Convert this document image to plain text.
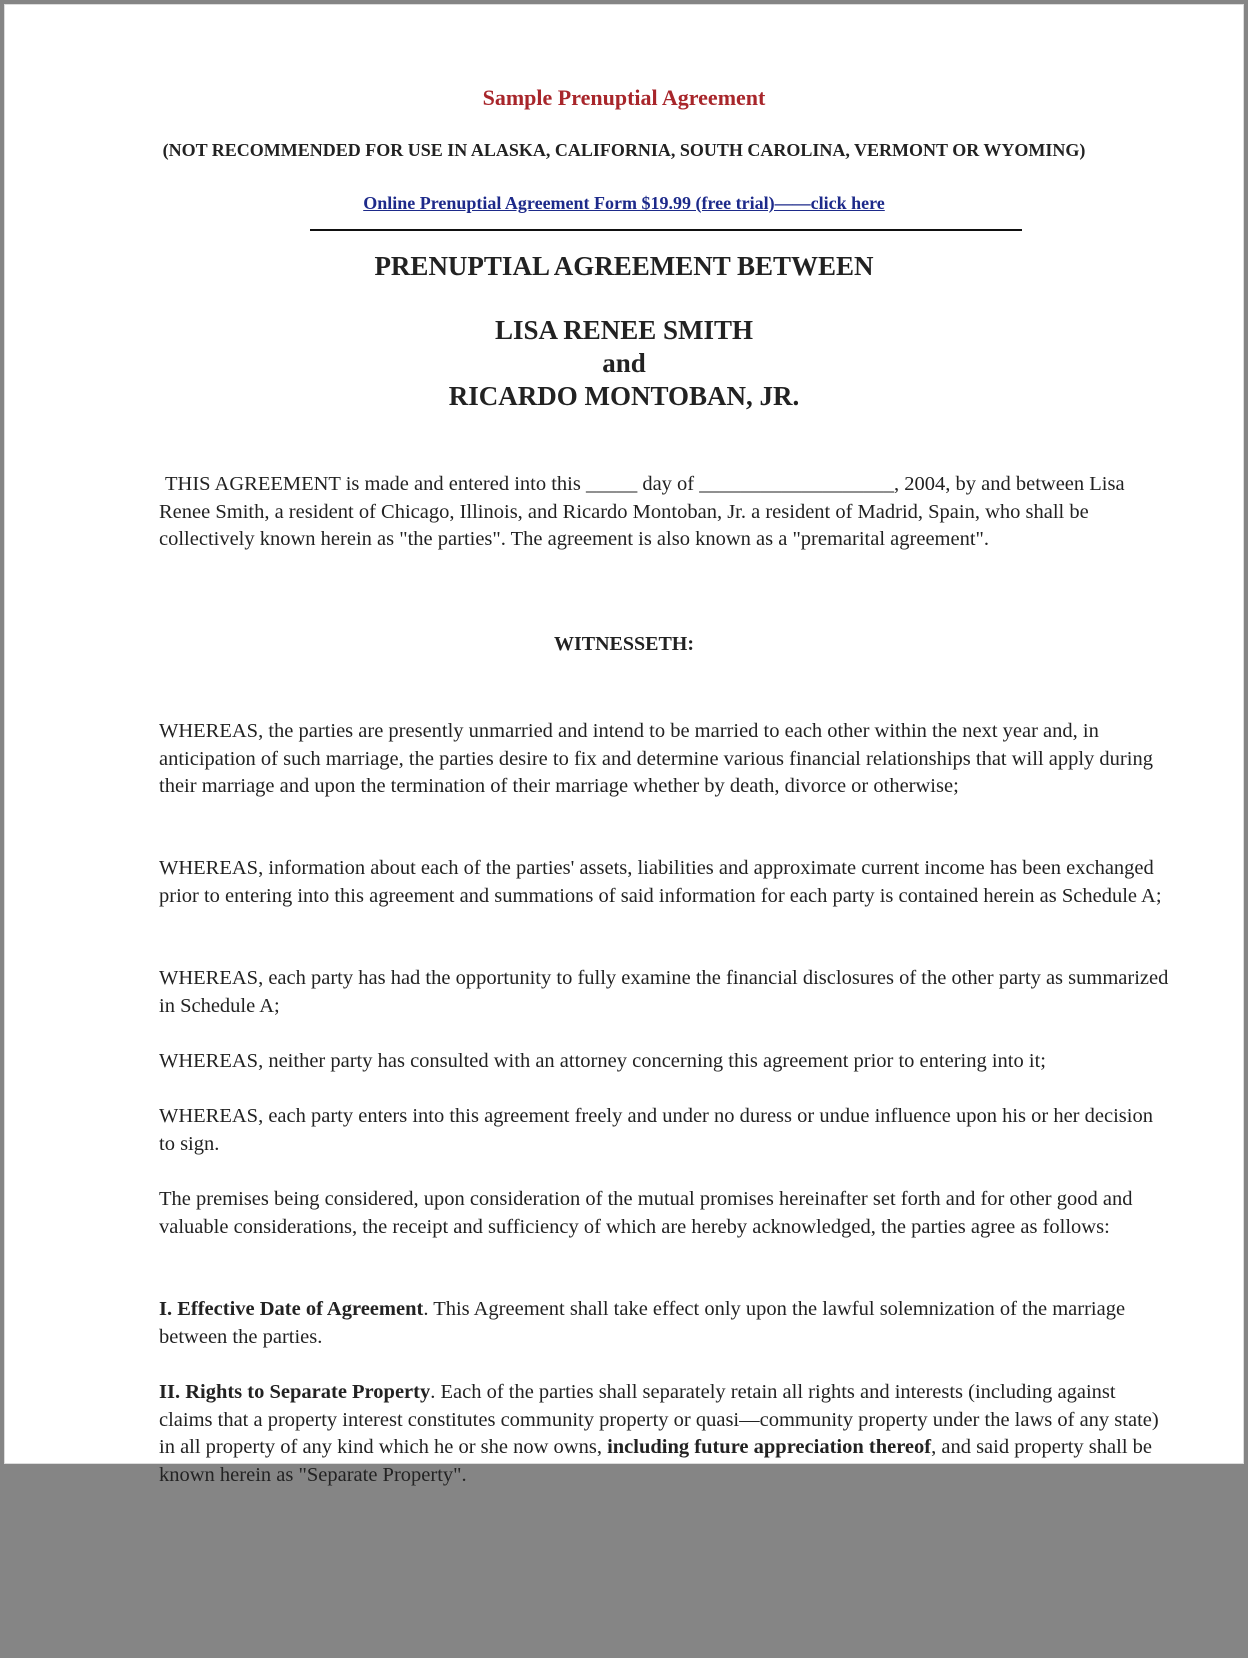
Sample Prenuptial Agreement
(NOT RECOMMENDED FOR USE IN ALASKA, CALIFORNIA, SOUTH CAROLINA, VERMONT OR WYOMING)
Online Prenuptial Agreement Form $19.99 (free trial)——click here
PRENUPTIAL AGREEMENT BETWEEN
LISA RENEE SMITH
and
RICARDO MONTOBAN, JR.

THIS AGREEMENT is made and entered into this _____ day of ___________________, 2004, by and between Lisa Renee Smith, a resident of Chicago, Illinois, and Ricardo Montoban, Jr. a resident of Madrid, Spain, who shall be collectively known herein as "the parties". The agreement is also known as a "premarital agreement".

WITNESSETH:

WHEREAS, the parties are presently unmarried and intend to be married to each other within the next year and, in anticipation of such marriage, the parties desire to fix and determine various financial relationships that will apply during their marriage and upon the termination of their marriage whether by death, divorce or otherwise;

WHEREAS, information about each of the parties' assets, liabilities and approximate current income has been exchanged prior to entering into this agreement and summations of said information for each party is contained herein as Schedule A;

WHEREAS, each party has had the opportunity to fully examine the financial disclosures of the other party as summarized in Schedule A;

WHEREAS, neither party has consulted with an attorney concerning this agreement prior to entering into it;

WHEREAS, each party enters into this agreement freely and under no duress or undue influence upon his or her decision to sign.

The premises being considered, upon consideration of the mutual promises hereinafter set forth and for other good and valuable considerations, the receipt and sufficiency of which are hereby acknowledged, the parties agree as follows:

I. Effective Date of Agreement. This Agreement shall take effect only upon the lawful solemnization of the marriage between the parties.

II. Rights to Separate Property. Each of the parties shall separately retain all rights and interests (including against claims that a property interest constitutes community property or quasi—community property under the laws of any state) in all property of any kind which he or she now owns, including future appreciation thereof, and said property shall be known herein as "Separate Property".
